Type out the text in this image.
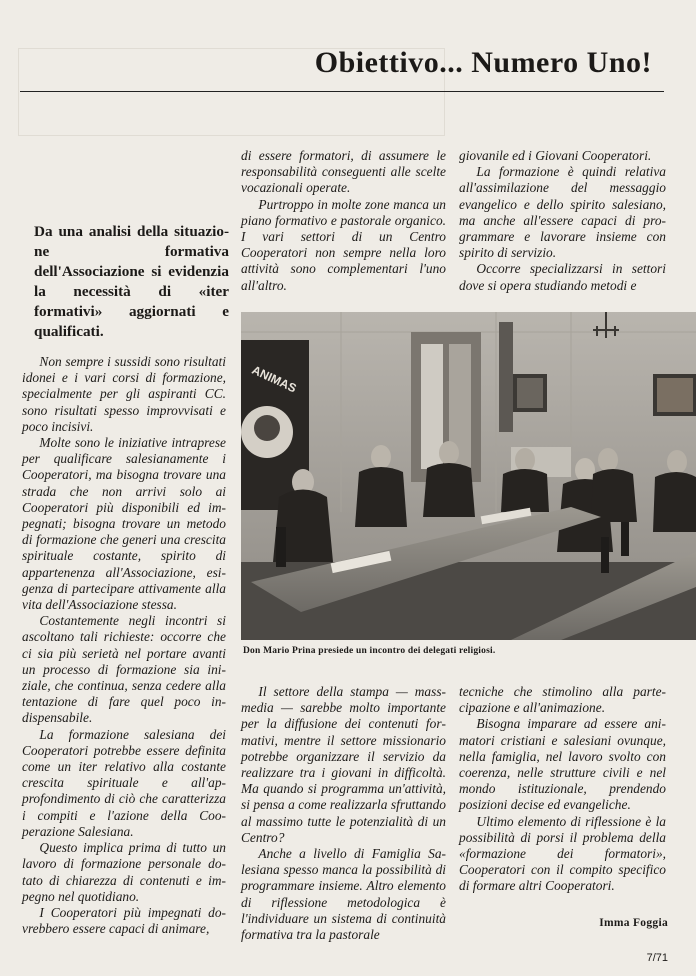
Obiettivo... Numero Uno!
Da una analisi della situazione formativa dell'Associazione si evidenzia la necessità di «iter formativi» aggiornati e qualificati.

Non sempre i sussidi sono risultati idonei e i vari corsi di formazione, specialmente per gli aspiranti CC. sono risultati spesso improvvisati e poco incisivi.

Molte sono le iniziative intraprese per qualificare salesianamente i Cooperatori, ma bisogna trovare una strada che non arrivi solo ai Cooperatori più disponibili ed impegnati; bisogna trovare un metodo di formazione che generi una crescita spirituale costante, spirito di appartenenza all'Associazione, esigenza di partecipare attivamente alla vita dell'Associazione stessa.

Costantemente negli incontri si ascoltano tali richieste: occorre che ci sia più serietà nel portare avanti un processo di formazione sia iniziale, che continua, senza cedere alla tentazione di fare quel poco indispensabile.

La formazione salesiana dei Cooperatori potrebbe essere definita come un iter relativo alla costante crescita spirituale e all'approfondimento di ciò che caratterizza i compiti e l'azione della Cooperazione Salesiana.

Questo implica prima di tutto un lavoro di formazione personale dotato di chiarezza di contenuti e impegno nel quotidiano.

I Cooperatori più impegnati dovrebbero essere capaci di animare,

di essere formatori, di assumere le responsabilità conseguenti alle scelte vocazionali operate.

Purtroppo in molte zone manca un piano formativo e pastorale organico. I vari settori di un Centro Cooperatori non sempre nella loro attività sono complementari l'uno all'altro.

giovanile ed i Giovani Cooperatori.

La formazione è quindi relativa all'assimilazione del messaggio evangelico e dello spirito salesiano, ma anche all'essere capaci di programmare e lavorare insieme con spirito di servizio.

Occorre specializzarsi in settori dove si opera studiando metodi e

ANIMAS
Don Mario Prina presiede un incontro dei delegati religiosi.

Il settore della stampa — mass-media — sarebbe molto importante per la diffusione dei contenuti formativi, mentre il settore missionario potrebbe organizzare il servizio da realizzare tra i giovani in difficoltà. Ma quando si programma un'attività, si pensa a come realizzarla sfruttando al massimo tutte le potenzialità di un Centro?

Anche a livello di Famiglia Salesiana spesso manca la possibilità di programmare insieme. Altro elemento di riflessione metodologica è l'individuare un sistema di continuità formativa tra la pastorale

tecniche che stimolino alla partecipazione e all'animazione.

Bisogna imparare ad essere animatori cristiani e salesiani ovunque, nella famiglia, nel lavoro svolto con coerenza, nelle strutture civili e nel mondo istituzionale, prendendo posizioni decise ed evangeliche.

Ultimo elemento di riflessione è la possibilità di porsi il problema della «formazione dei formatori», Cooperatori con il compito specifico di formare altri Cooperatori.

Imma Foggia
7/71
